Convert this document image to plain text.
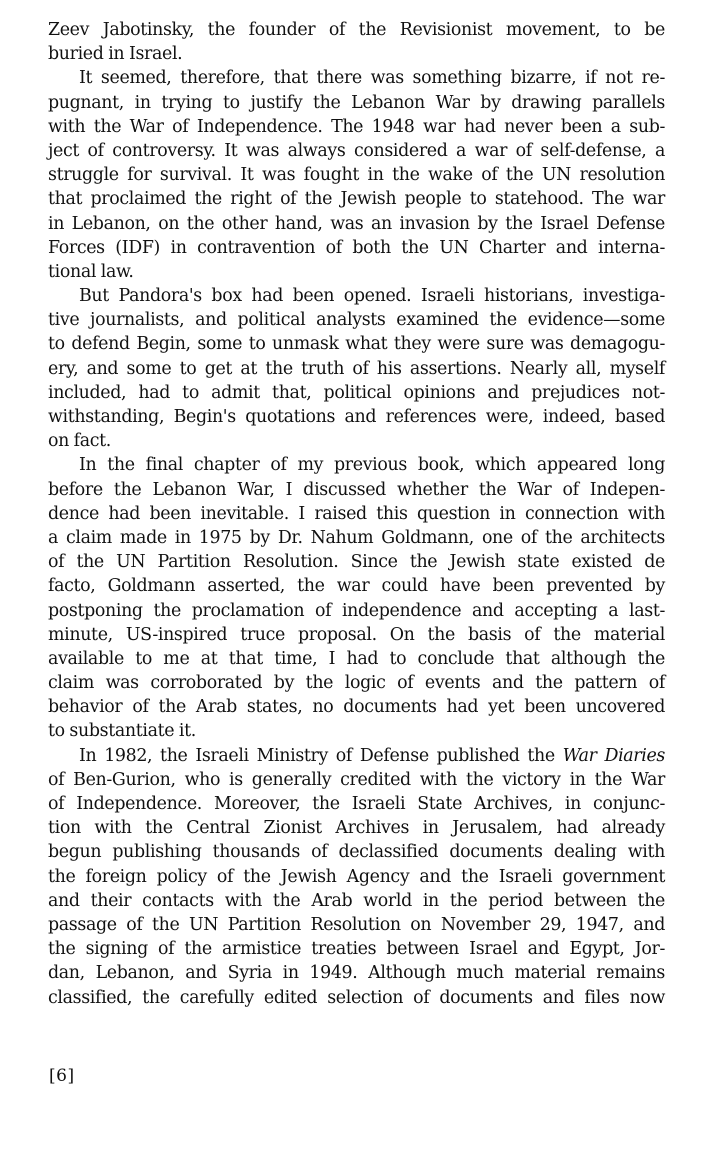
Zeev Jabotinsky, the founder of the Revisionist movement, to be
buried in Israel.
It seemed, therefore, that there was something bizarre, if not re-
pugnant, in trying to justify the Lebanon War by drawing parallels
with the War of Independence. The 1948 war had never been a sub-
ject of controversy. It was always considered a war of self-defense, a
struggle for survival. It was fought in the wake of the UN resolution
that proclaimed the right of the Jewish people to statehood. The war
in Lebanon, on the other hand, was an invasion by the Israel Defense
Forces (IDF) in contravention of both the UN Charter and interna-
tional law.
But Pandora's box had been opened. Israeli historians, investiga-
tive journalists, and political analysts examined the evidence—some
to defend Begin, some to unmask what they were sure was demagogu-
ery, and some to get at the truth of his assertions. Nearly all, myself
included, had to admit that, political opinions and prejudices not-
withstanding, Begin's quotations and references were, indeed, based
on fact.
In the final chapter of my previous book, which appeared long
before the Lebanon War, I discussed whether the War of Indepen-
dence had been inevitable. I raised this question in connection with
a claim made in 1975 by Dr. Nahum Goldmann, one of the architects
of the UN Partition Resolution. Since the Jewish state existed de
facto, Goldmann asserted, the war could have been prevented by
postponing the proclamation of independence and accepting a last-
minute, US-inspired truce proposal. On the basis of the material
available to me at that time, I had to conclude that although the
claim was corroborated by the logic of events and the pattern of
behavior of the Arab states, no documents had yet been uncovered
to substantiate it.
In 1982, the Israeli Ministry of Defense published the War Diaries
of Ben-Gurion, who is generally credited with the victory in the War
of Independence. Moreover, the Israeli State Archives, in conjunc-
tion with the Central Zionist Archives in Jerusalem, had already
begun publishing thousands of declassified documents dealing with
the foreign policy of the Jewish Agency and the Israeli government
and their contacts with the Arab world in the period between the
passage of the UN Partition Resolution on November 29, 1947, and
the signing of the armistice treaties between Israel and Egypt, Jor-
dan, Lebanon, and Syria in 1949. Although much material remains
classified, the carefully edited selection of documents and files now
[6]
